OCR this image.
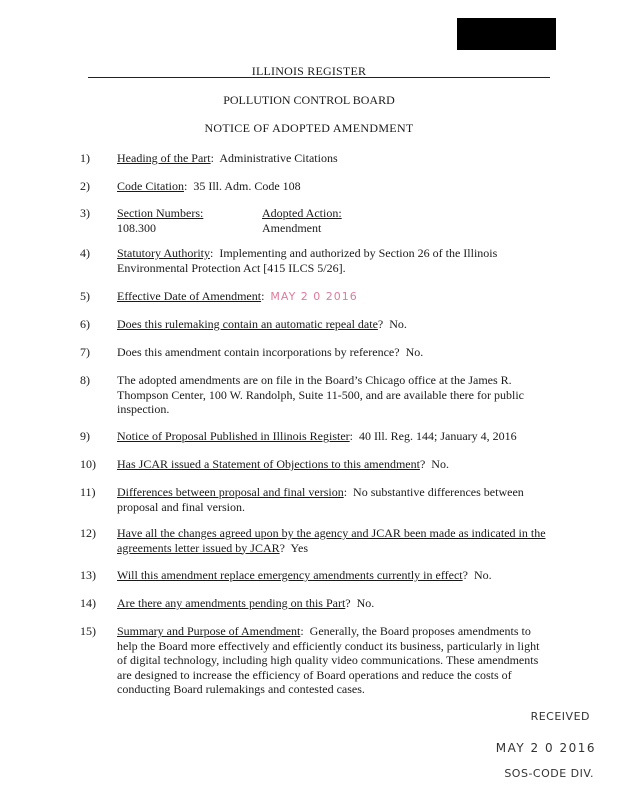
ILLINOIS REGISTER
POLLUTION CONTROL BOARD
NOTICE OF ADOPTED AMENDMENT
1) Heading of the Part:  Administrative Citations
2) Code Citation:  35 Ill. Adm. Code 108
3) Section Numbers:
108.300
Adopted Action:
Amendment
4) Statutory Authority:  Implementing and authorized by Section 26 of the Illinois Environmental Protection Act [415 ILCS 5/26].
5) Effective Date of Amendment:  MAY 2 0 2016
6) Does this rulemaking contain an automatic repeal date?  No.
7) Does this amendment contain incorporations by reference? No.
8) The adopted amendments are on file in the Board’s Chicago office at the James R. Thompson Center, 100 W. Randolph, Suite 11-500, and are available there for public inspection.
9) Notice of Proposal Published in Illinois Register:  40 Ill. Reg. 144; January 4, 2016
10) Has JCAR issued a Statement of Objections to this amendment?  No.
11) Differences between proposal and final version:  No substantive differences between proposal and final version.
12) Have all the changes agreed upon by the agency and JCAR been made as indicated in the agreements letter issued by JCAR?  Yes
13) Will this amendment replace emergency amendments currently in effect?  No.
14) Are there any amendments pending on this Part?  No.
15) Summary and Purpose of Amendment:  Generally, the Board proposes amendments to help the Board more effectively and efficiently conduct its business, particularly in light of digital technology, including high quality video communications. These amendments are designed to increase the efficiency of Board operations and reduce the costs of conducting Board rulemakings and contested cases.
RECEIVED
MAY 2 0 2016
SOS-CODE DIV.
